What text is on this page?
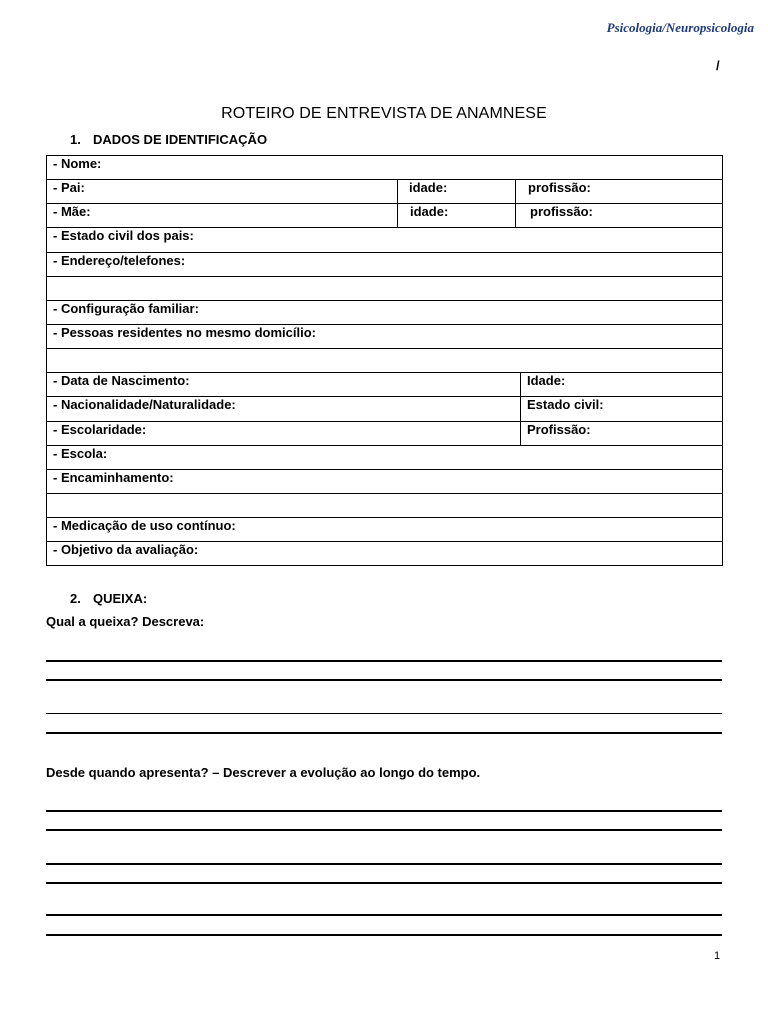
Psicologia/Neuropsicologia
/
ROTEIRO DE ENTREVISTA DE ANAMNESE
1. DADOS DE IDENTIFICAÇÃO
- Nome:			
- Pai:	idade:	profissão:	
- Mãe:	idade:	profissão:	
- Estado civil dos pais:			
- Endereço/telefones:			

- Configuração familiar:			
- Pessoas residentes no mesmo domicílio:			

- Data de Nascimento:			Idade:
- Nacionalidade/Naturalidade:			Estado civil:
- Escolaridade:			Profissão:
- Escola:			
- Encaminhamento:			

- Medicação de uso contínuo:			
- Objetivo da avaliação:			
2. QUEIXA:
Qual a queixa? Descreva:
Desde quando apresenta? – Descrever a evolução ao longo do tempo.
1
